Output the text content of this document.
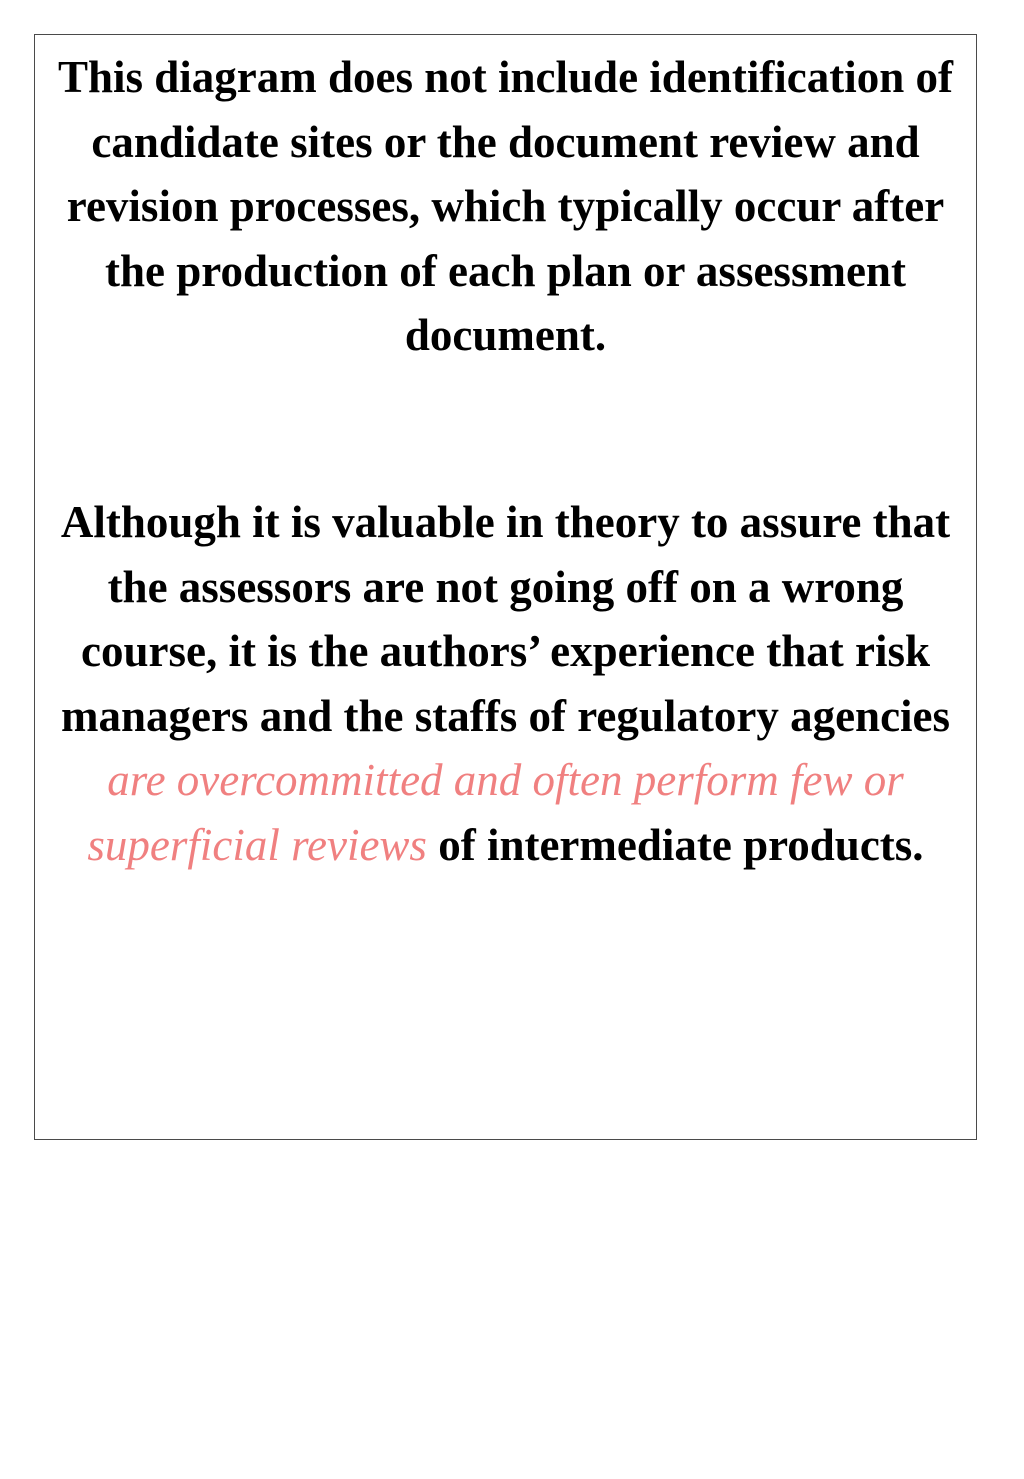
This diagram does not include identification of candidate sites or the document review and revision processes, which typically occur after the production of each plan or assessment document.

Although it is valuable in theory to assure that the assessors are not going off on a wrong course, it is the authors’ experience that risk managers and the staffs of regulatory agencies are overcommitted and often perform few or superficial reviews of intermediate products.
